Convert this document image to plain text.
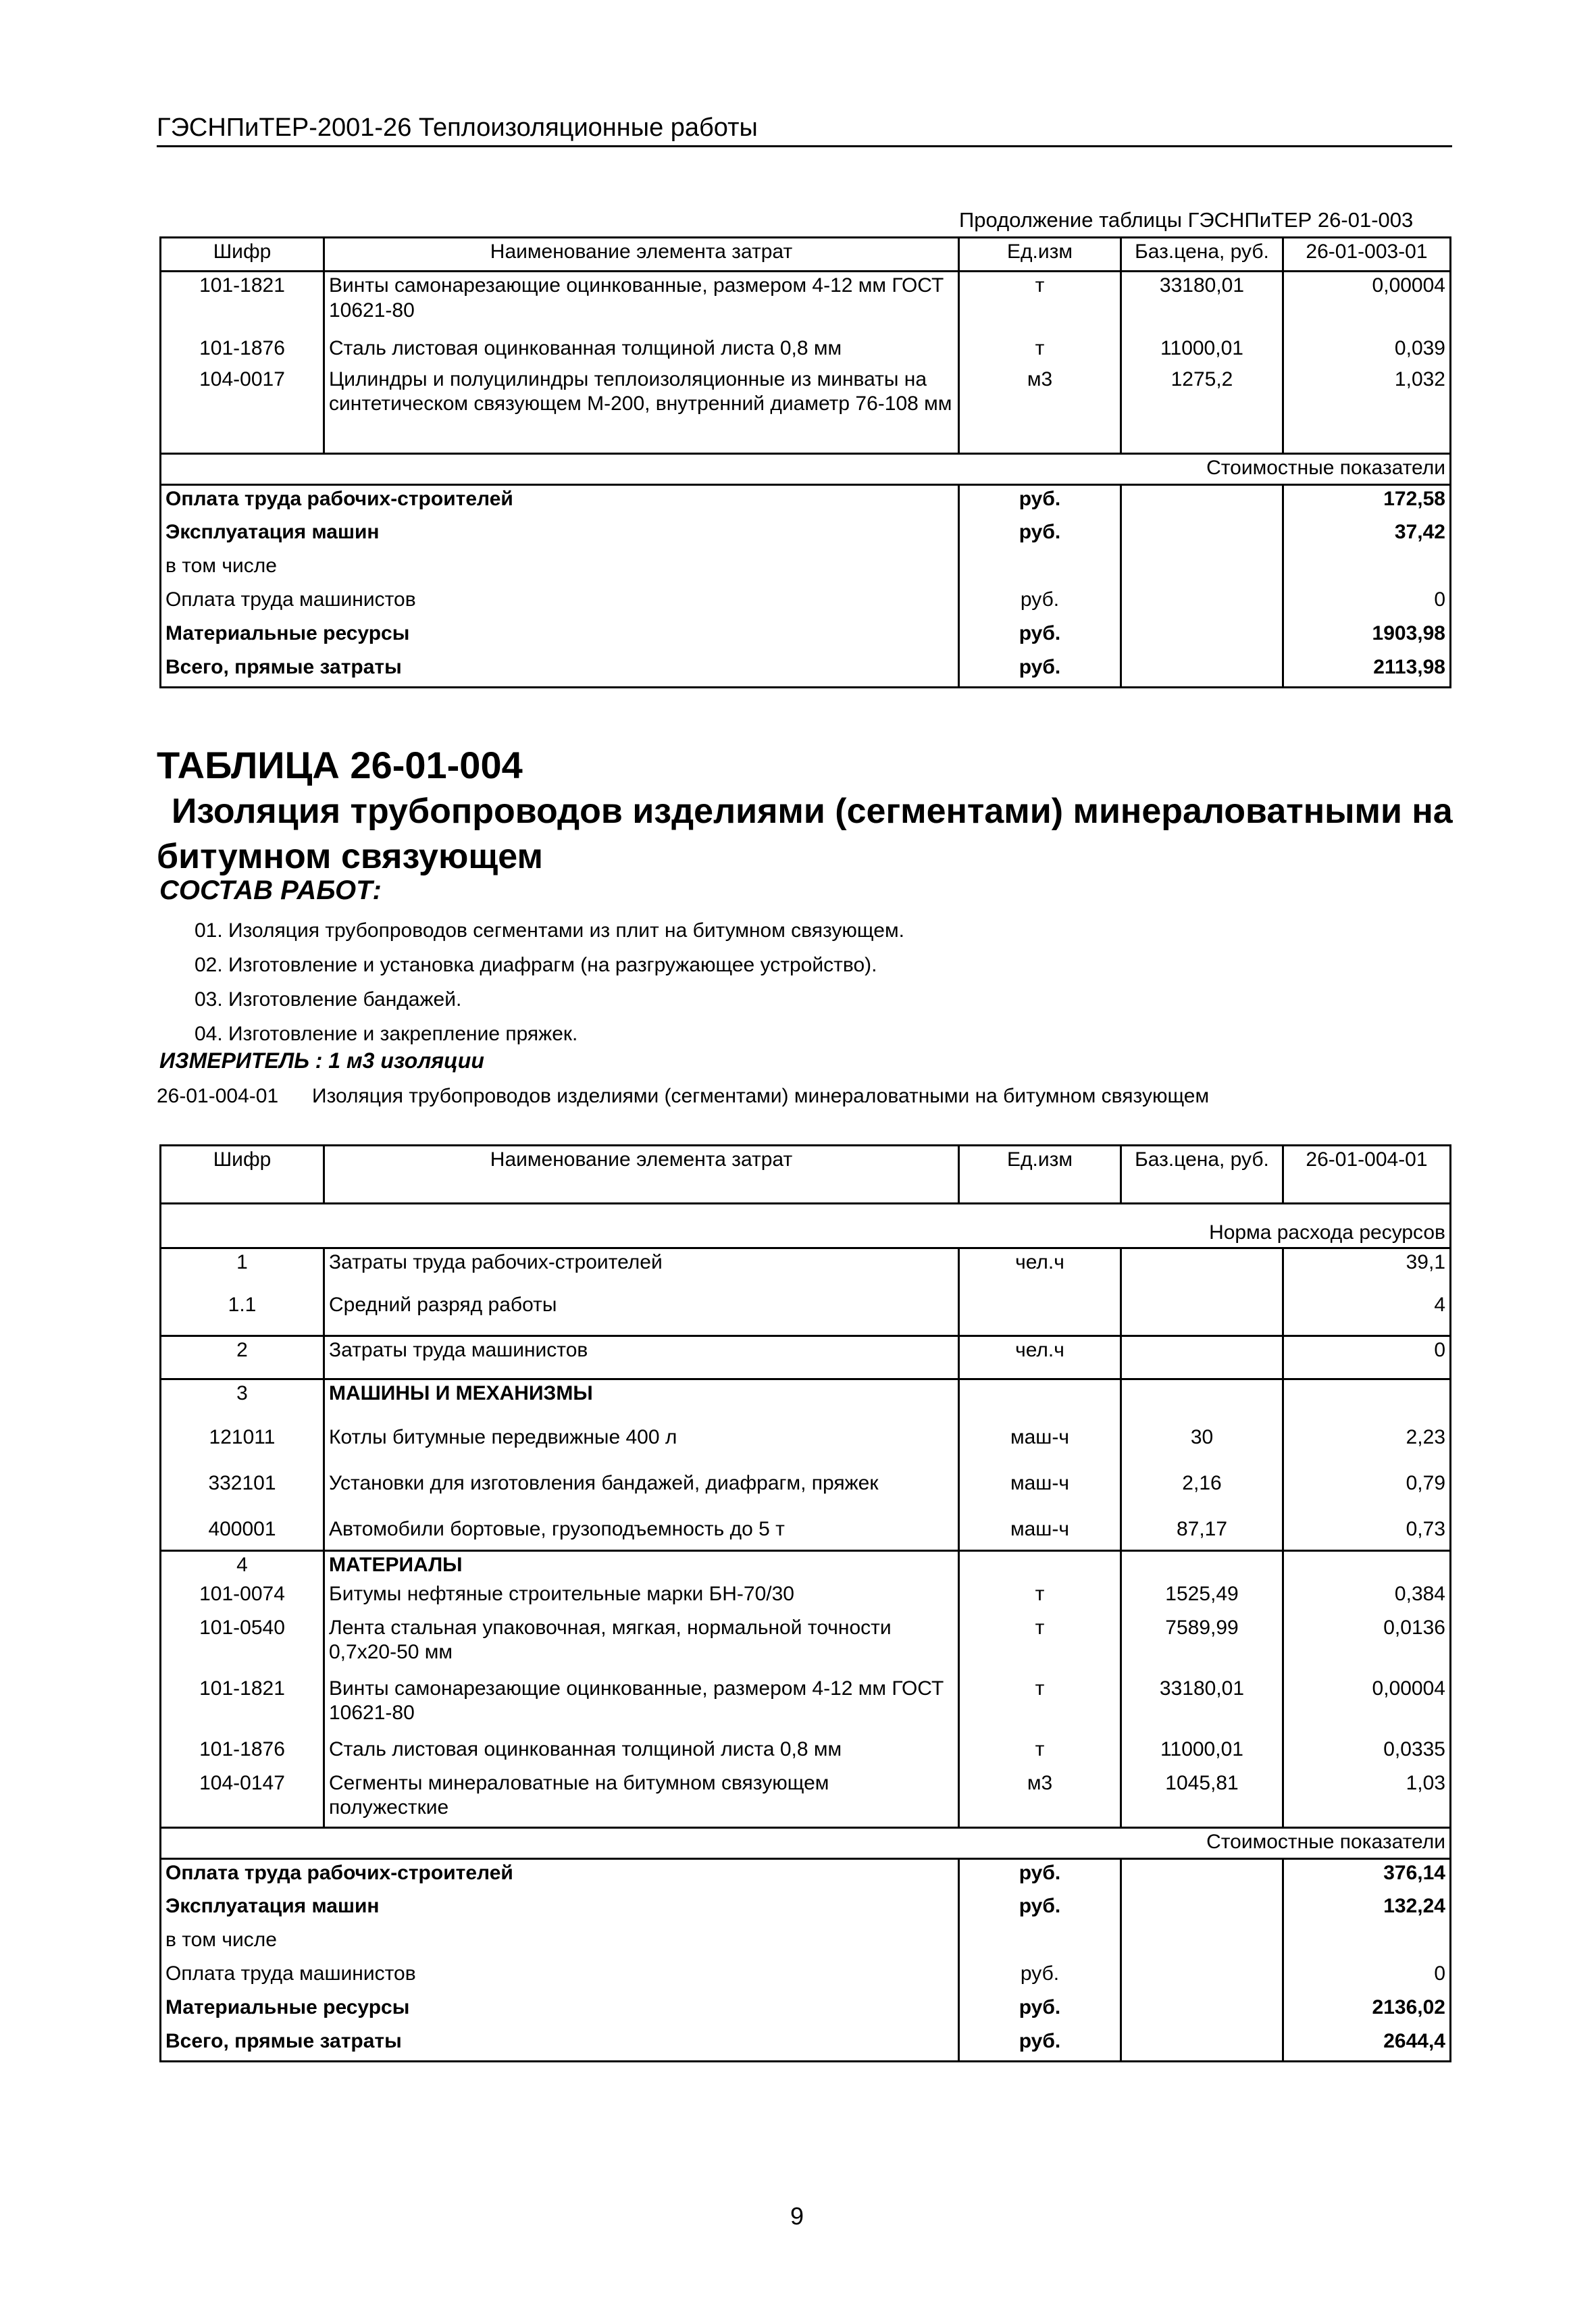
ГЭСНПиТЕР-2001-26 Теплоизоляционные работы
Продолжение таблицы ГЭСНПиТЕР 26-01-003
Шифр	Наименование элемента затрат	Ед.изм	Баз.цена, руб.	26-01-003-01
101-1821	Винты самонарезающие оцинкованные, размером 4-12 мм ГОСТ 10621-80	т	33180,01	0,00004
101-1876	Сталь листовая оцинкованная толщиной листа 0,8 мм	т	11000,01	0,039
104-0017	Цилиндры и полуцилиндры теплоизоляционные из минваты на синтетическом связующем М-200, внутренний диаметр 76-108 мм	м3	1275,2	1,032
Стоимостные показатели				
Оплата труда рабочих-строителей		руб.		172,58
Эксплуатация машин		руб.		37,42
в том числе				
Оплата труда машинистов		руб.		0
Материальные ресурсы		руб.		1903,98
Всего, прямые затраты		руб.		2113,98
ТАБЛИЦА 26-01-004
Изоляция трубопроводов изделиями (сегментами) минераловатными на битумном связующем
СОСТАВ РАБОТ:
01. Изоляция трубопроводов сегментами из плит на битумном связующем.
02. Изготовление и установка диафрагм (на разгружающее устройство).
03. Изготовление бандажей.
04. Изготовление и закрепление пряжек.
ИЗМЕРИТЕЛЬ : 1 м3 изоляции
26-01-004-01 Изоляция трубопроводов изделиями (сегментами) минераловатными на битумном связующем
Шифр	Наименование элемента затрат	Ед.изм	Баз.цена, руб.	26-01-004-01
Норма расхода ресурсов				
1	Затраты труда рабочих-строителей	чел.ч		39,1
1.1	Средний разряд работы			4
2	Затраты труда машинистов	чел.ч		0
3	МАШИНЫ И МЕХАНИЗМЫ			
121011	Котлы битумные передвижные 400 л	маш-ч	30	2,23
332101	Установки для изготовления бандажей, диафрагм, пряжек	маш-ч	2,16	0,79
400001	Автомобили бортовые, грузоподъемность до 5 т	маш-ч	87,17	0,73
4	МАТЕРИАЛЫ			
101-0074	Битумы нефтяные строительные марки БН-70/30	т	1525,49	0,384
101-0540	Лента стальная упаковочная, мягкая, нормальной точности 0,7х20-50 мм	т	7589,99	0,0136
101-1821	Винты самонарезающие оцинкованные, размером 4-12 мм ГОСТ 10621-80	т	33180,01	0,00004
101-1876	Сталь листовая оцинкованная толщиной листа 0,8 мм	т	11000,01	0,0335
104-0147	Сегменты минераловатные на битумном связующем полужесткие	м3	1045,81	1,03
Стоимостные показатели				
Оплата труда рабочих-строителей		руб.		376,14
Эксплуатация машин		руб.		132,24
в том числе				
Оплата труда машинистов		руб.		0
Материальные ресурсы		руб.		2136,02
Всего, прямые затраты		руб.		2644,4
9
